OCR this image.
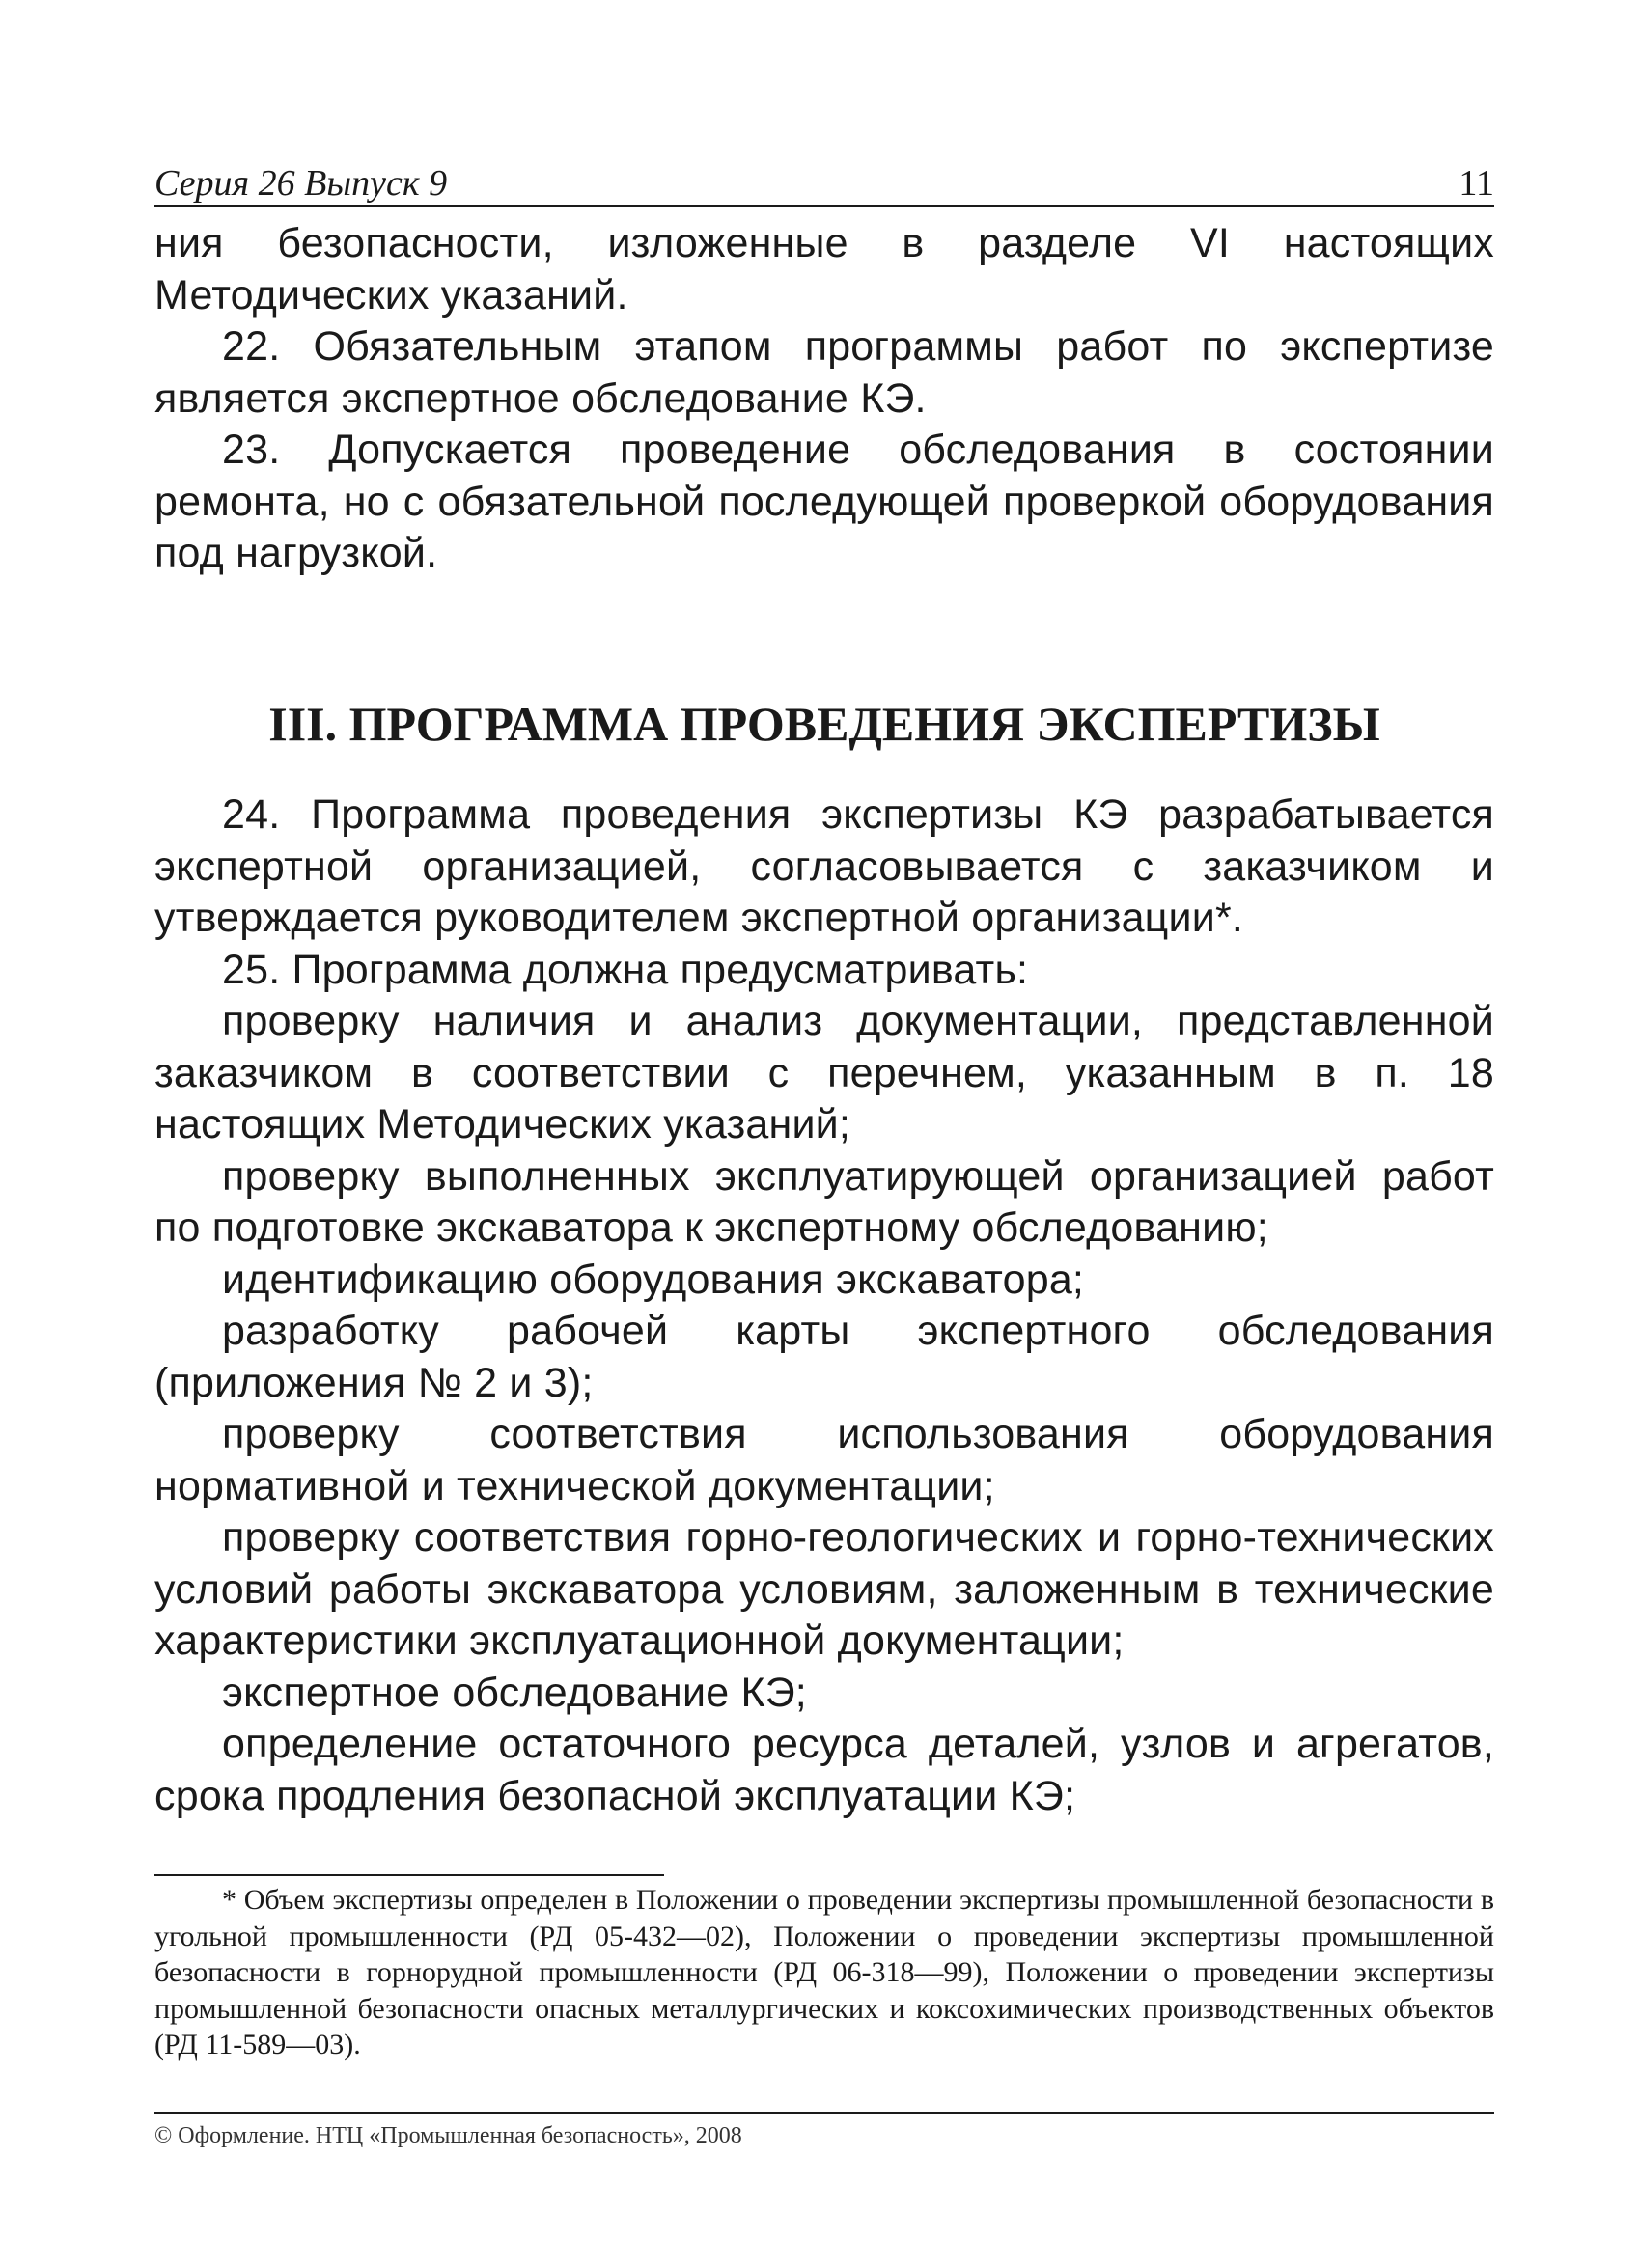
Серия 26 Выпуск 9	11

ния безопасности, изложенные в разделе VI настоящих Методических указаний.

22. Обязательным этапом программы работ по экспертизе является экспертное обследование КЭ.

23. Допускается проведение обследования в состоянии ремонта, но с обязательной последующей проверкой оборудования под нагрузкой.

III. ПРОГРАММА ПРОВЕДЕНИЯ ЭКСПЕРТИЗЫ

24. Программа проведения экспертизы КЭ разрабатывается экспертной организацией, согласовывается с заказчиком и утверждается руководителем экспертной организации*.

25. Программа должна предусматривать:

проверку наличия и анализ документации, представленной заказчиком в соответствии с перечнем, указанным в п. 18 настоящих Методических указаний;

проверку выполненных эксплуатирующей организацией работ по подготовке экскаватора к экспертному обследованию;

идентификацию оборудования экскаватора;

разработку рабочей карты экспертного обследования (приложения № 2 и 3);

проверку соответствия использования оборудования нормативной и технической документации;

проверку соответствия горно-геологических и горно-технических условий работы экскаватора условиям, заложенным в технические характеристики эксплуатационной документации;

экспертное обследование КЭ;

определение остаточного ресурса деталей, узлов и агрегатов, срока продления безопасной эксплуатации КЭ;

* Объем экспертизы определен в Положении о проведении экспертизы промышленной безопасности в угольной промышленности (РД 05-432—02), Положении о проведении экспертизы промышленной безопасности в горнорудной промышленности (РД 06-318—99), Положении о проведении экспертизы промышленной безопасности опасных металлургических и коксохимических производственных объектов (РД 11-589—03).

© Оформление. НТЦ «Промышленная безопасность», 2008
